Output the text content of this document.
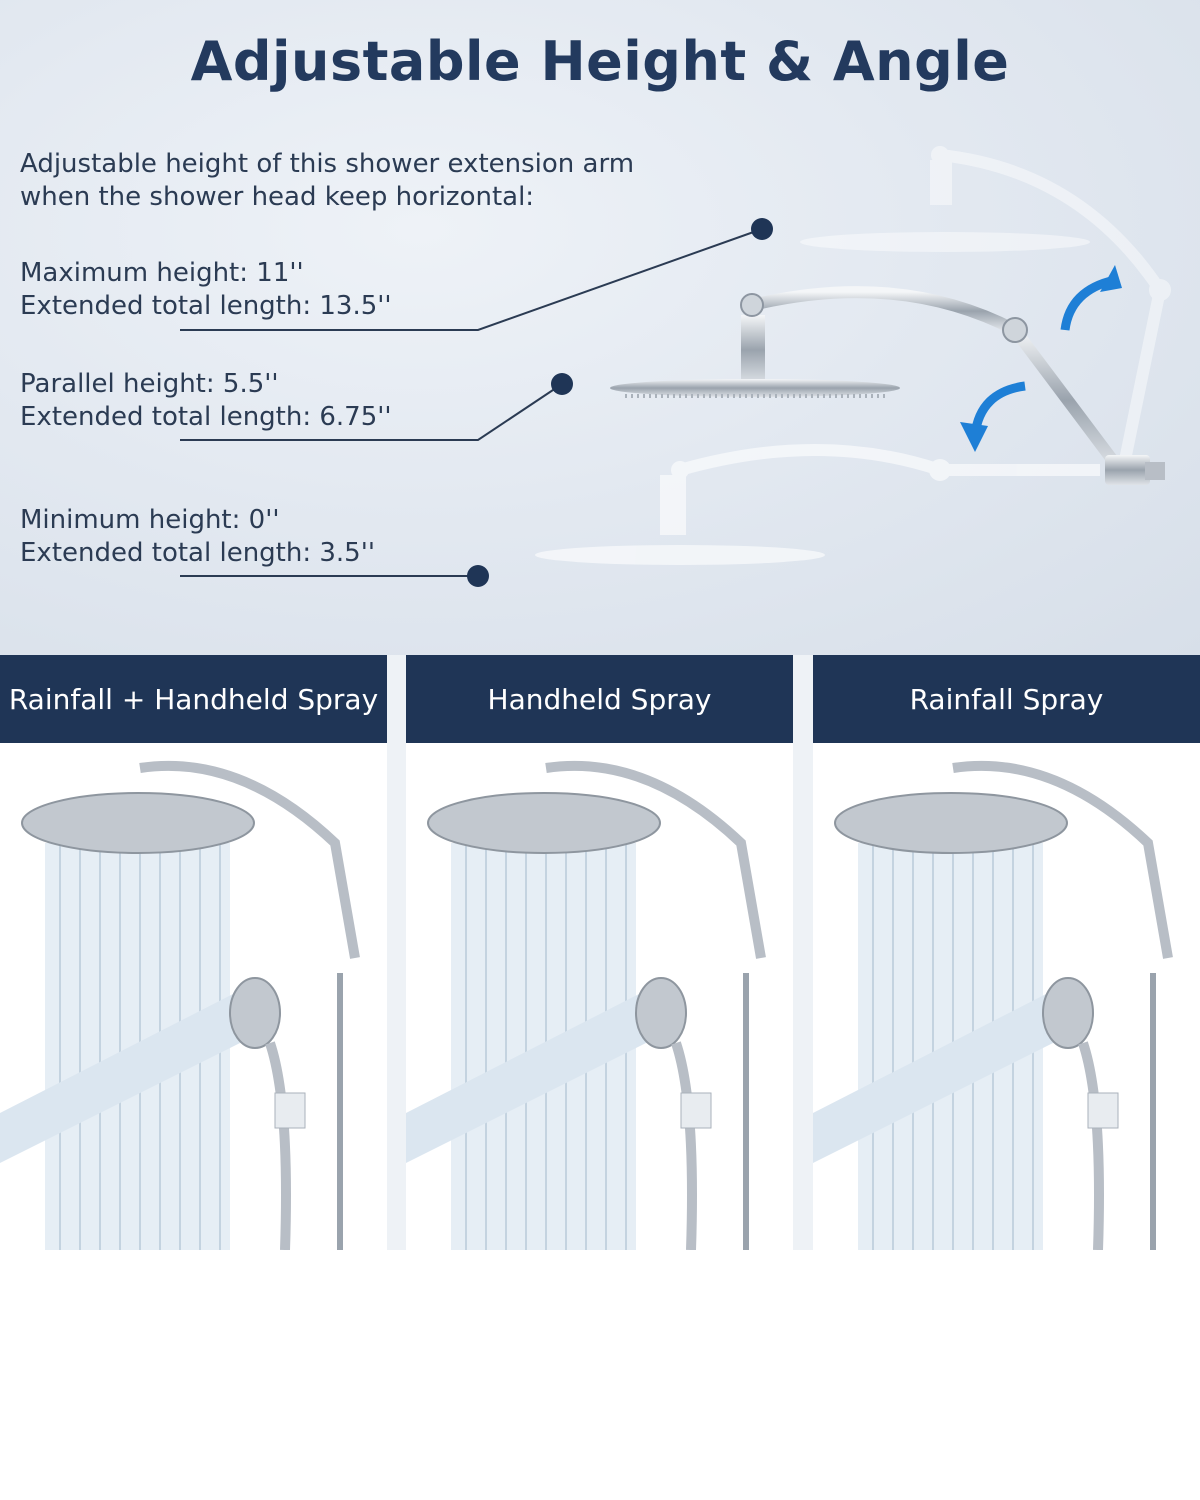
Adjustable Height & Angle

Adjustable height of this shower extension arm
when the shower head keep horizontal:

Maximum height: 11''
Extended total length: 13.5''

Parallel height: 5.5''
Extended total length: 6.75''

Minimum height: 0''
Extended total length: 3.5''

Rainfall + Handheld Spray	Handheld Spray	Rainfall Spray
